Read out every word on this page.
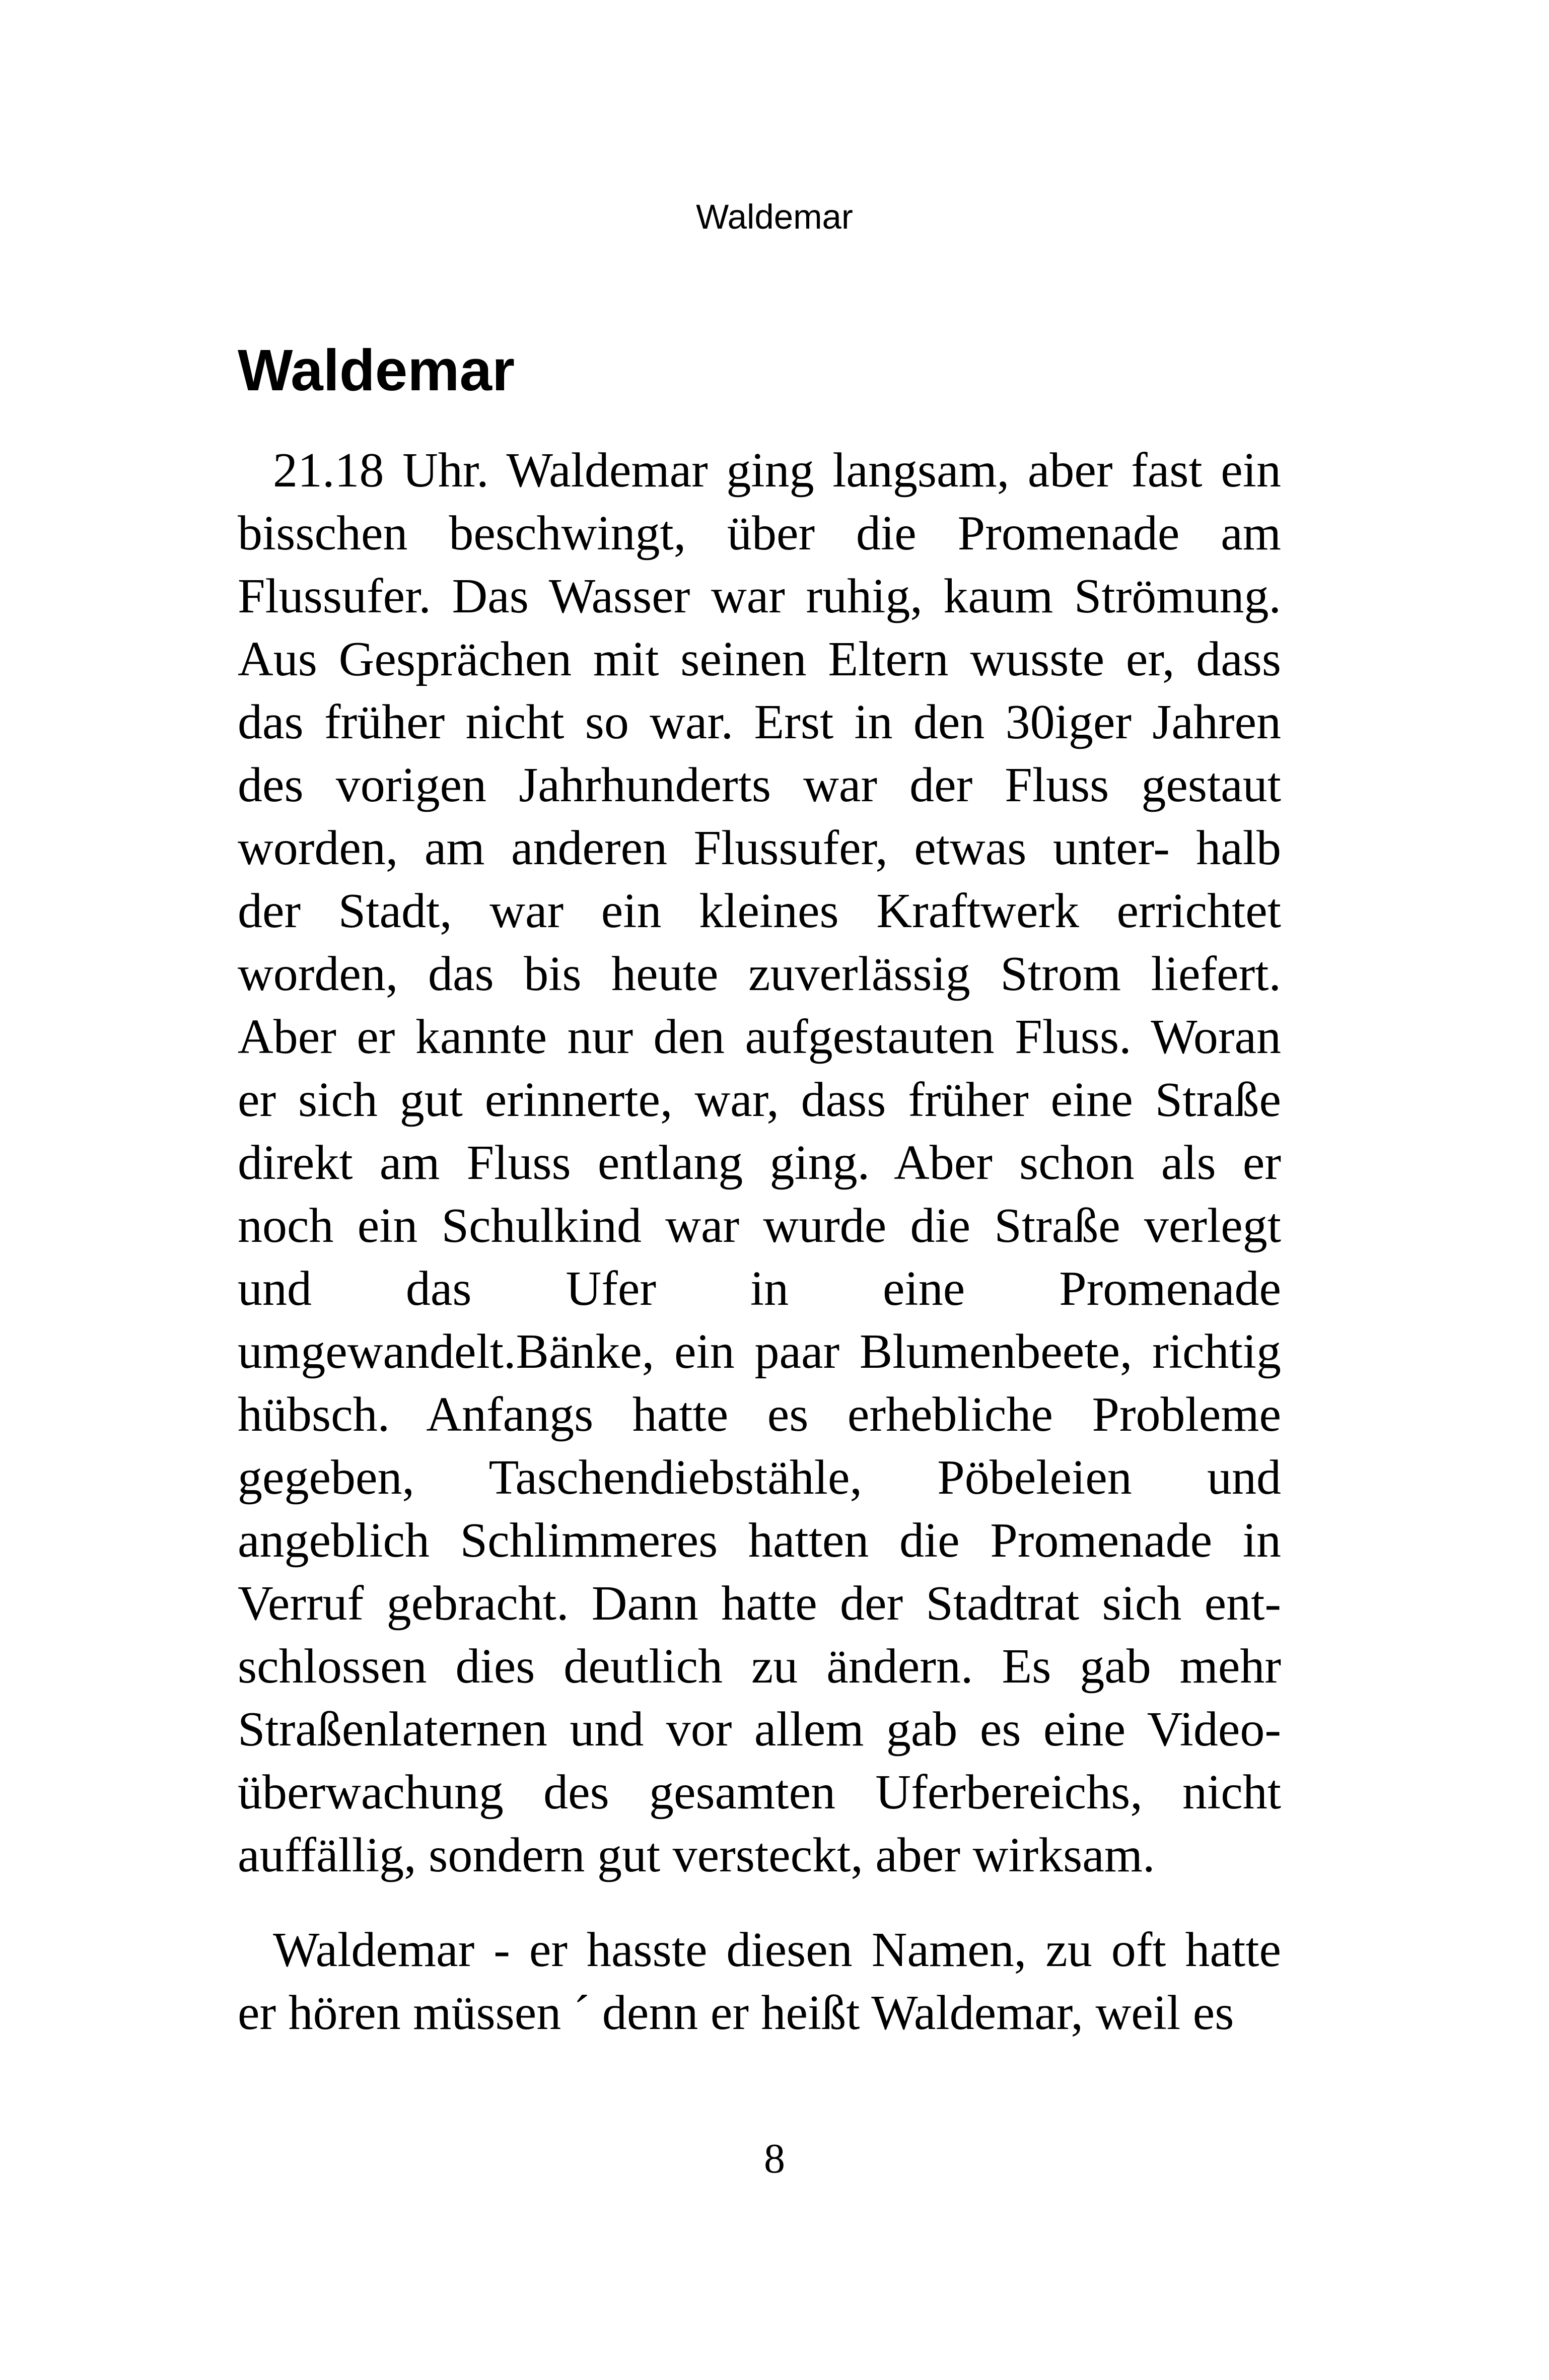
Waldemar
Waldemar
21.18 Uhr. Waldemar ging langsam, aber fast ein
bisschen beschwingt, über die Promenade am
Flussufer. Das Wasser war ruhig, kaum Strömung.
Aus Gesprächen mit seinen Eltern wusste er, dass
das früher nicht so war. Erst in den 30iger Jahren
des vorigen Jahrhunderts war der Fluss gestaut
worden, am anderen Flussufer, etwas unter- halb
der Stadt, war ein kleines Kraftwerk errichtet
worden, das bis heute zuverlässig Strom liefert.
Aber er kannte nur den aufgestauten Fluss. Woran
er sich gut erinnerte, war, dass früher eine Straße
direkt am Fluss entlang ging. Aber schon als er
noch ein Schulkind war wurde die Straße verlegt
und das Ufer in eine Promenade
umgewandelt.Bänke, ein paar Blumenbeete, richtig
hübsch. Anfangs hatte es erhebliche Probleme
gegeben, Taschendiebstähle, Pöbeleien und
angeblich Schlimmeres hatten die Promenade in
Verruf gebracht. Dann hatte der Stadtrat sich ent-
schlossen dies deutlich zu ändern. Es gab mehr
Straßenlaternen und vor allem gab es eine Video-
überwachung des gesamten Uferbereichs, nicht
auffällig, sondern gut versteckt, aber wirksam.
Waldemar - er hasste diesen Namen, zu oft hatte
er hören müssen ´ denn er heißt Waldemar, weil es
8
